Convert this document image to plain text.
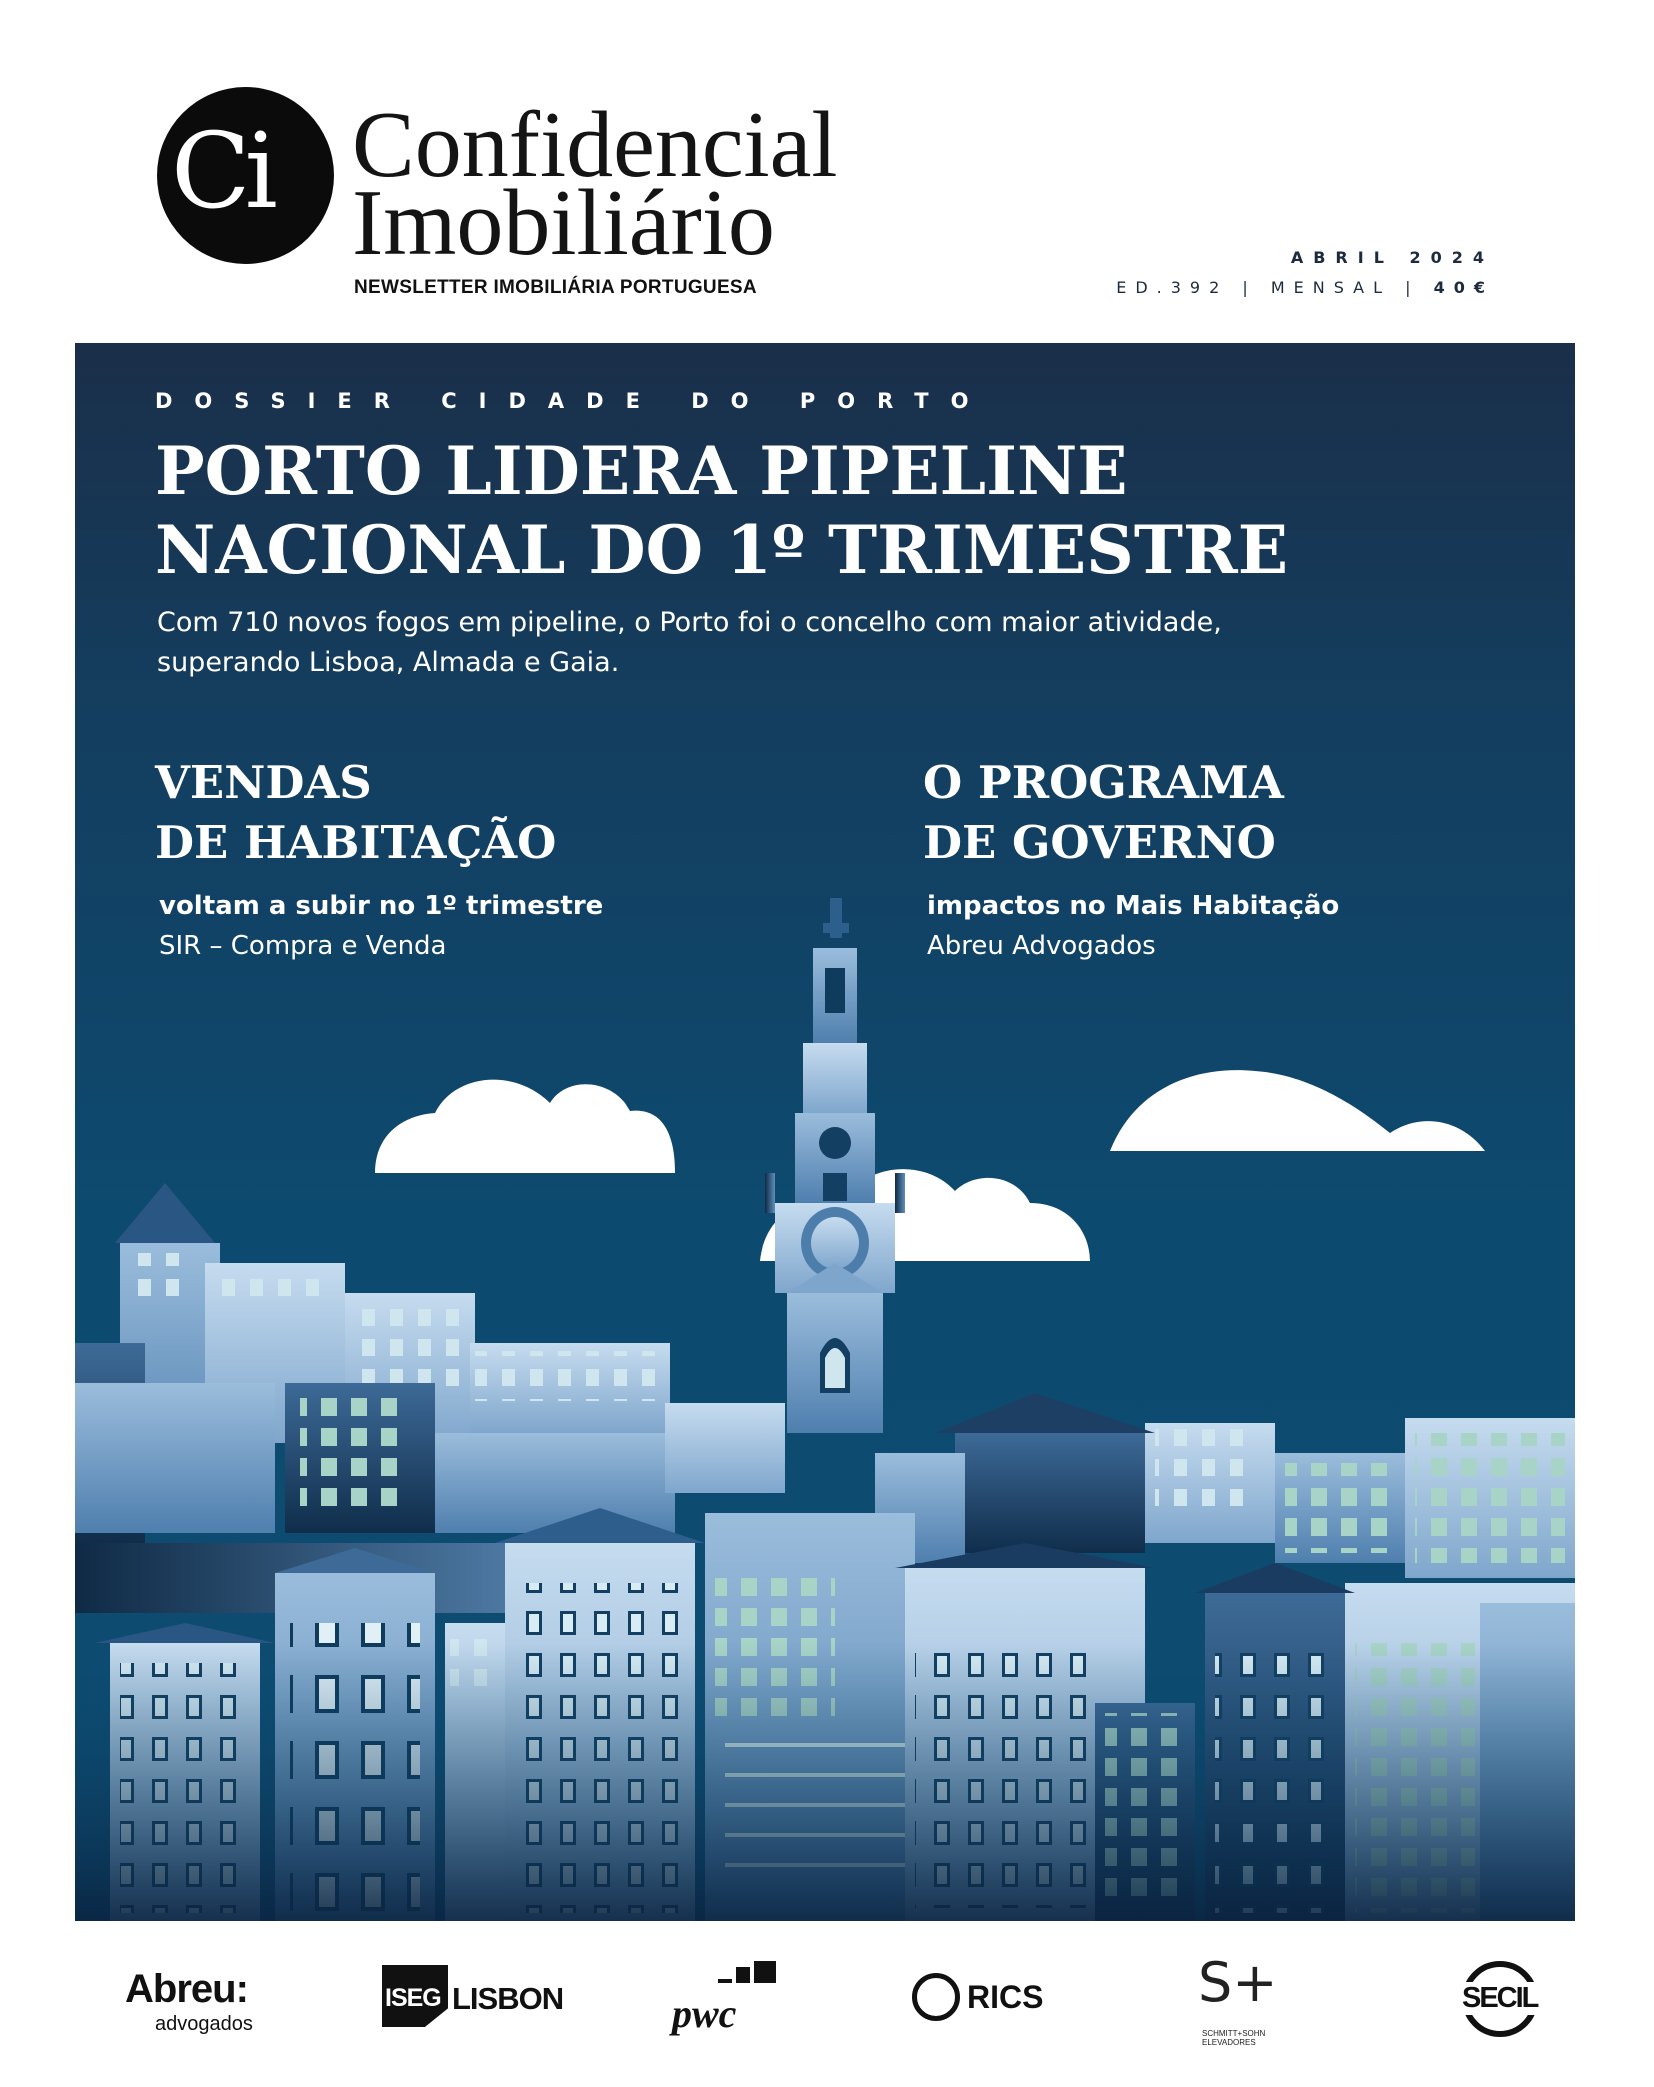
Ci Confidencial
Imobiliário
NEWSLETTER IMOBILIÁRIA PORTUGUESA
ABRIL 2024
ED.392 | MENSAL | 40€
DOSSIER CIDADE DO PORTO
PORTO LIDERA PIPELINE
NACIONAL DO 1º TRIMESTRE
Com 710 novos fogos em pipeline, o Porto foi o concelho com maior atividade,
superando Lisboa, Almada e Gaia.
VENDAS
DE HABITAÇÃO
voltam a subir no 1º trimestre
SIR – Compra e Venda
O PROGRAMA
DE GOVERNO
impactos no Mais Habitação
Abreu Advogados
Abreu:
advogados
ISEG LISBON	pwc	RICS	S+
SCHMITT+SOHN
ELEVADORES
SECIL
